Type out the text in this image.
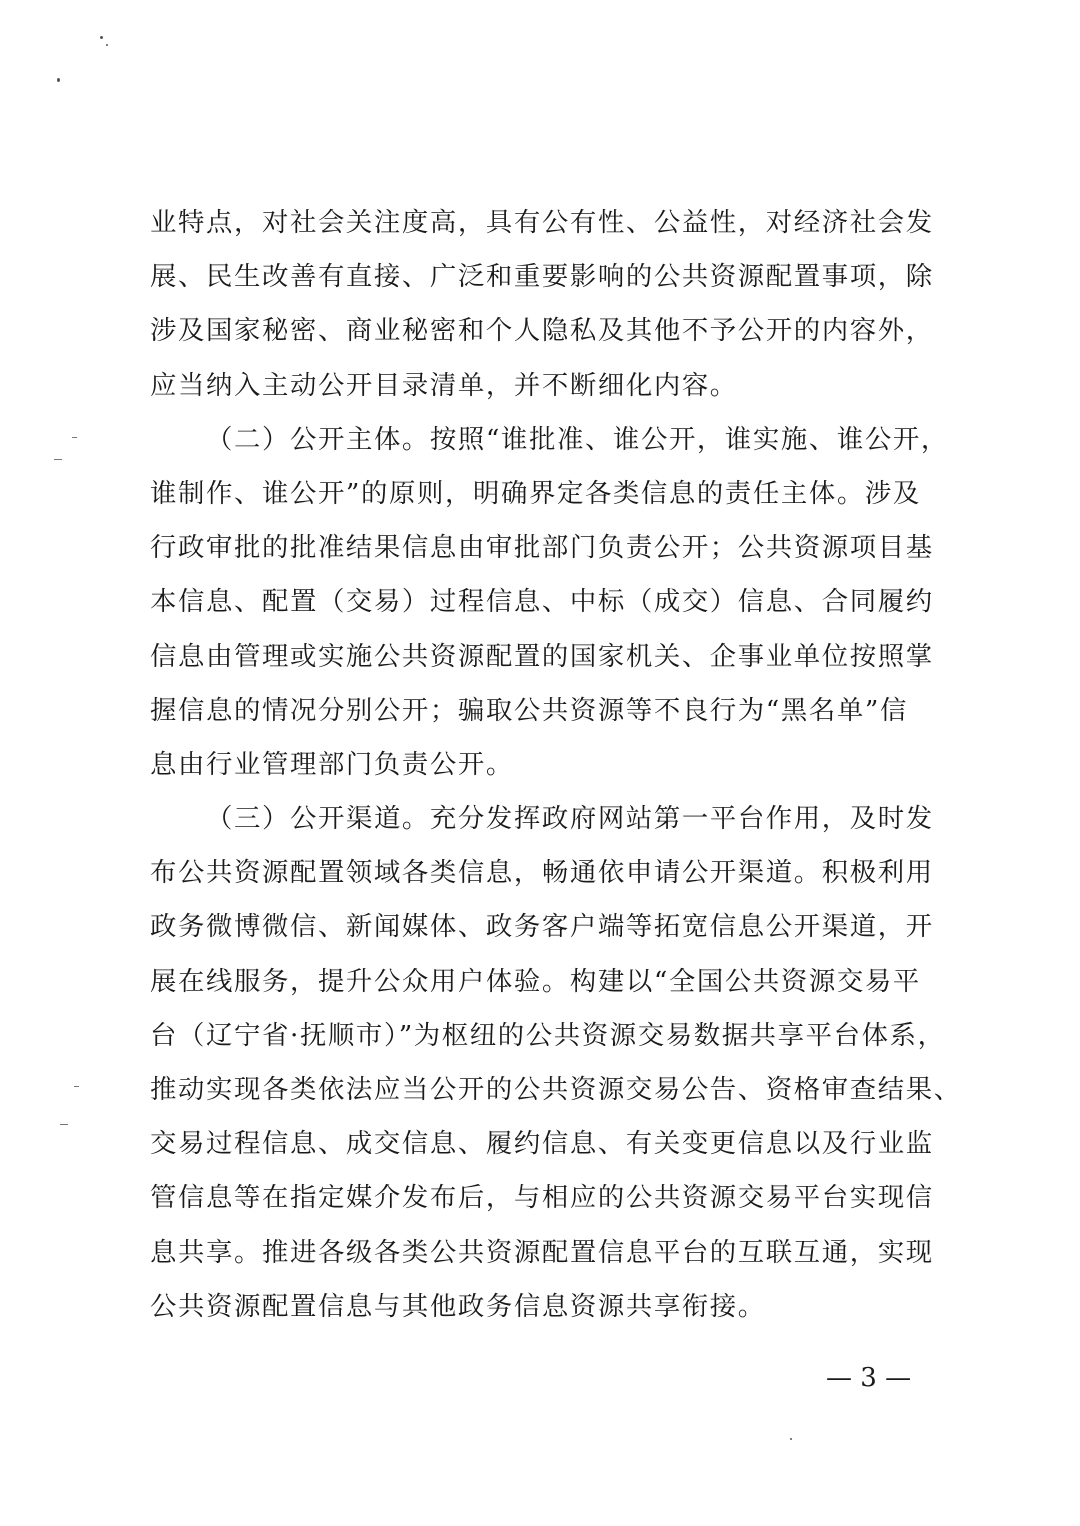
业特点，对社会关注度高，具有公有性、公益性，对经济社会发
展、民生改善有直接、广泛和重要影响的公共资源配置事项，除
涉及国家秘密、商业秘密和个人隐私及其他不予公开的内容外，
应当纳入主动公开目录清单，并不断细化内容。
（二）公开主体。按照“谁批准、谁公开，谁实施、谁公开，
谁制作、谁公开”的原则，明确界定各类信息的责任主体。涉及
行政审批的批准结果信息由审批部门负责公开；公共资源项目基
本信息、配置（交易）过程信息、中标（成交）信息、合同履约
信息由管理或实施公共资源配置的国家机关、企事业单位按照掌
握信息的情况分别公开；骗取公共资源等不良行为“黑名单”信
息由行业管理部门负责公开。
（三）公开渠道。充分发挥政府网站第一平台作用，及时发
布公共资源配置领域各类信息，畅通依申请公开渠道。积极利用
政务微博微信、新闻媒体、政务客户端等拓宽信息公开渠道，开
展在线服务，提升公众用户体验。构建以“全国公共资源交易平
台（辽宁省·抚顺市）”为枢纽的公共资源交易数据共享平台体系，
推动实现各类依法应当公开的公共资源交易公告、资格审查结果、
交易过程信息、成交信息、履约信息、有关变更信息以及行业监
管信息等在指定媒介发布后，与相应的公共资源交易平台实现信
息共享。推进各级各类公共资源配置信息平台的互联互通，实现
公共资源配置信息与其他政务信息资源共享衔接。
— 3 —
